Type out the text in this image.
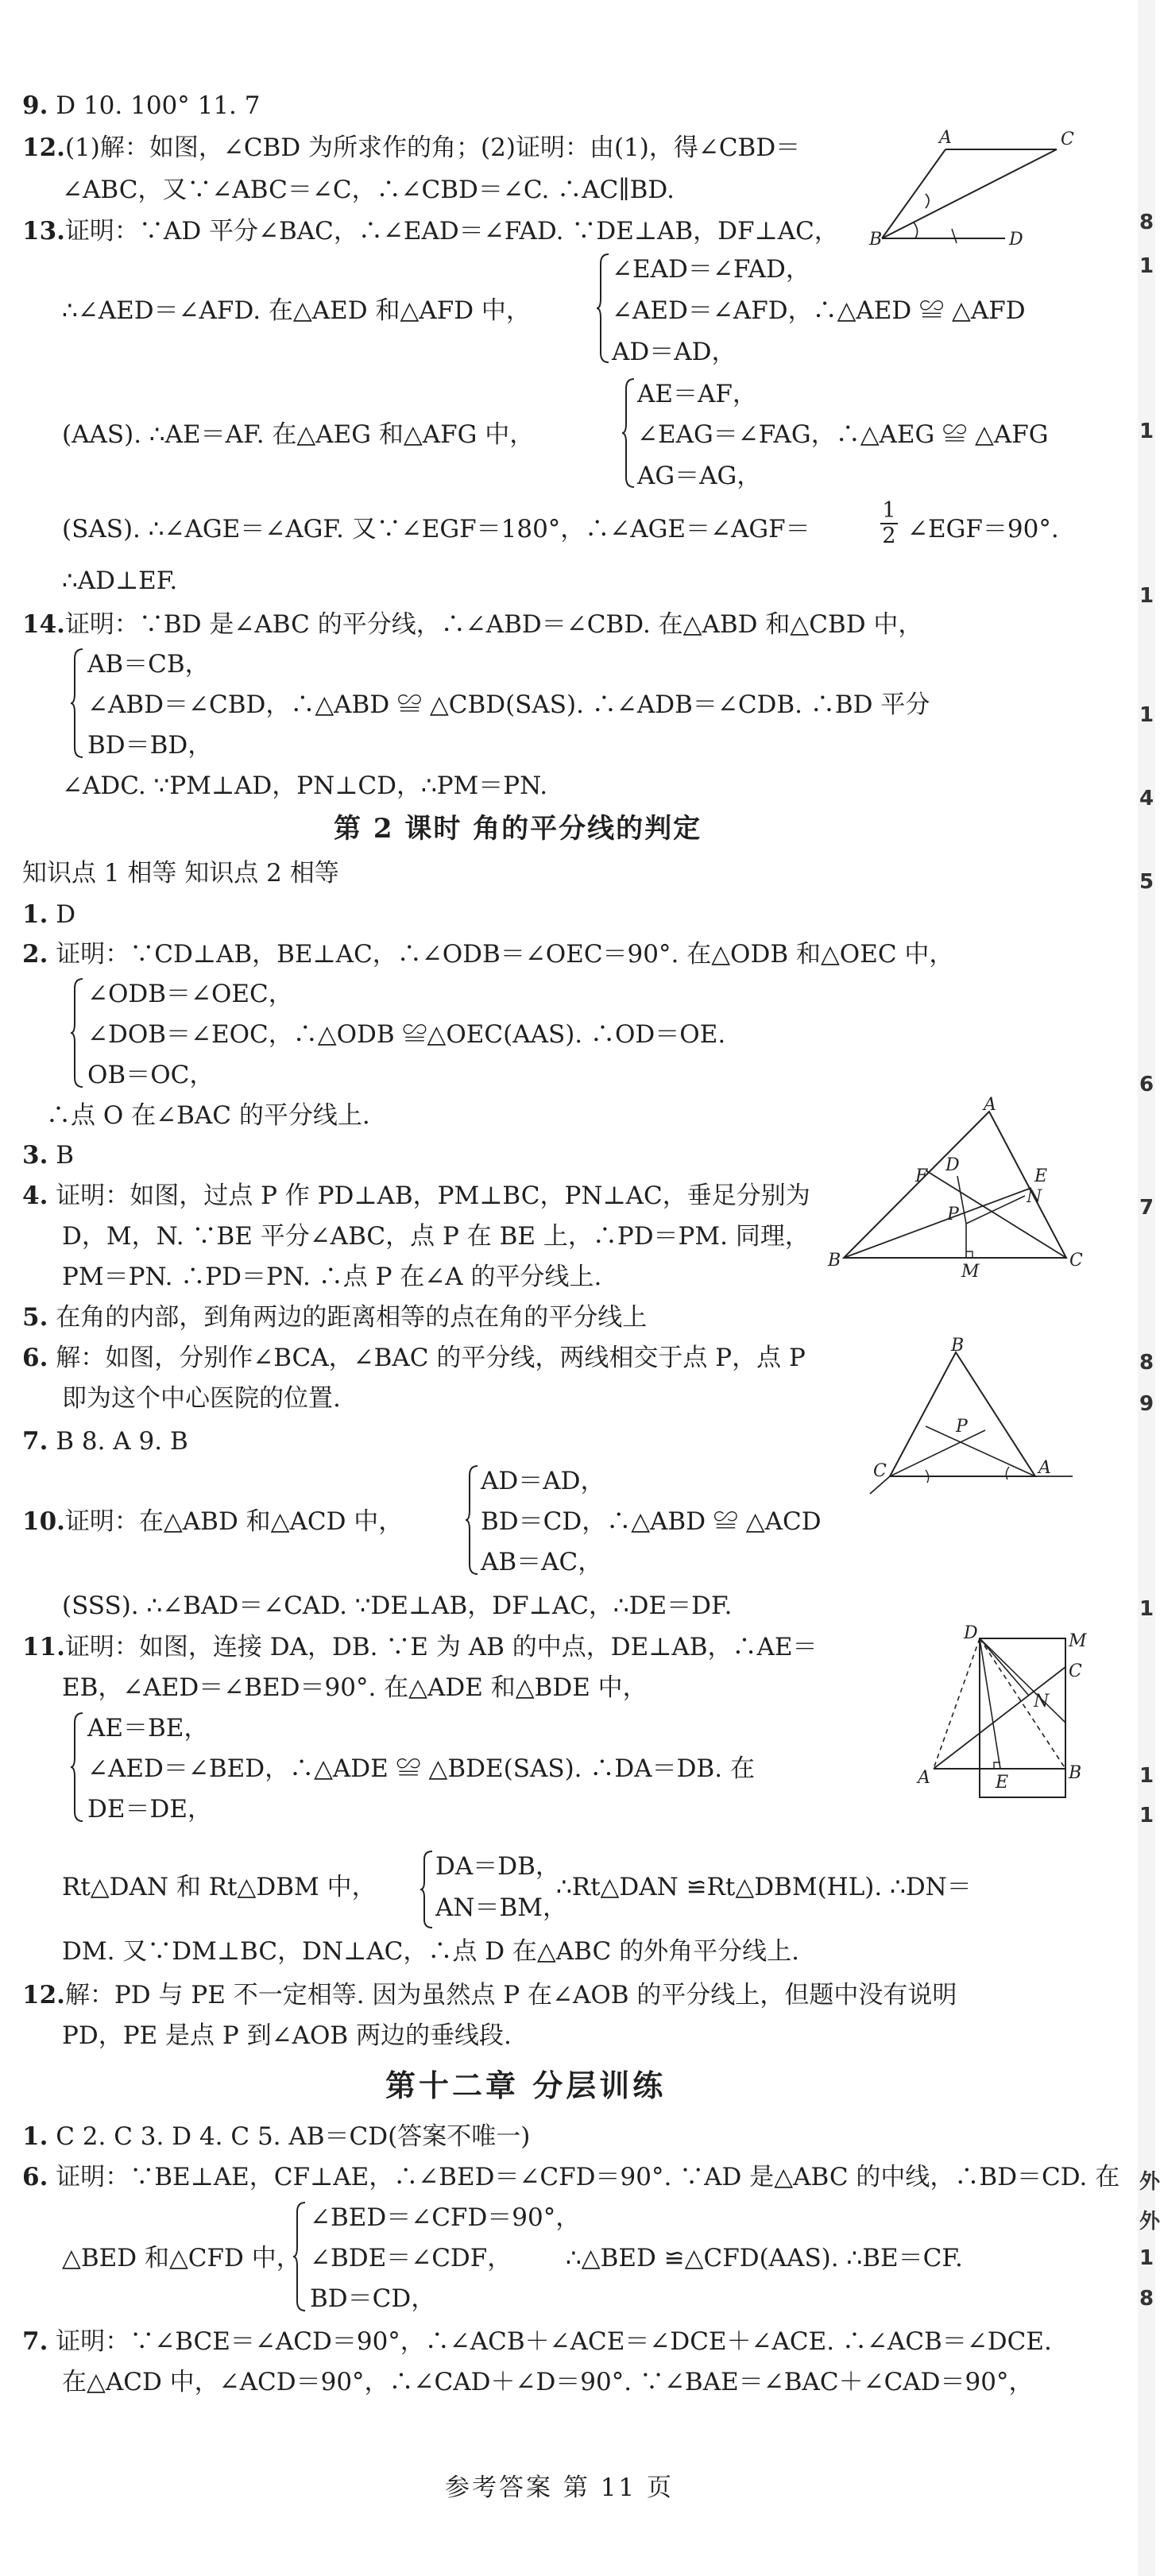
9. D 10. 100° 11. 7
12.(1)解：如图，∠CBD 为所求作的角；(2)证明：由(1)，得∠CBD＝
∠ABC，又∵∠ABC＝∠C，∴∠CBD＝∠C. ∴AC∥BD.
A	C
B	D
13.证明：∵AD 平分∠BAC，∴∠EAD＝∠FAD. ∵DE⊥AB，DF⊥AC，
∠EAD＝∠FAD，
∴∠AED＝∠AFD. 在△AED 和△AFD 中，	∠AED＝∠AFD，∴△AED ≌ △AFD
AD＝AD，
AE＝AF，
(AAS). ∴AE＝AF. 在△AEG 和△AFG 中，	∠EAG＝∠FAG，∴△AEG ≌ △AFG
AG＝AG，
(SAS). ∴∠AGE＝∠AGF. 又∵∠EGF＝180°，∴∠AGE＝∠AGF＝	$\frac{1}{2}$ ∠EGF＝90°.
∴AD⊥EF.
14.证明：∵BD 是∠ABC 的平分线，∴∠ABD＝∠CBD. 在△ABD 和△CBD 中，
AB＝CB，
∠ABD＝∠CBD，∴△ABD ≌ △CBD(SAS). ∴∠ADB＝∠CDB. ∴BD 平分
BD＝BD，
∠ADC. ∵PM⊥AD，PN⊥CD，∴PM＝PN.
第 2 课时 角的平分线的判定
知识点 1 相等 知识点 2 相等
1. D
2. 证明：∵CD⊥AB，BE⊥AC，∴∠ODB＝∠OEC＝90°. 在△ODB 和△OEC 中，
∠ODB＝∠OEC，
∠DOB＝∠EOC，∴△ODB ≌△OEC(AAS). ∴OD＝OE.
OB＝OC，
∴点 O 在∠BAC 的平分线上.
3. B
4. 证明：如图，过点 P 作 PD⊥AB，PM⊥BC，PN⊥AC，垂足分别为
D，M，N. ∵BE 平分∠ABC，点 P 在 BE 上，∴PD＝PM. 同理，
PM＝PN. ∴PD＝PN. ∴点 P 在∠A 的平分线上.
A
D
F	E
N
P
B
M
C
5. 在角的内部，到角两边的距离相等的点在角的平分线上
6. 解：如图，分别作∠BCA，∠BAC 的平分线，两线相交于点 P，点 P
即为这个中心医院的位置.
B
P
C	A
7. B 8. A 9. B
AD＝AD，
10.证明：在△ABD 和△ACD 中，	BD＝CD，∴△ABD ≌ △ACD
AB＝AC，
(SSS). ∴∠BAD＝∠CAD. ∵DE⊥AB，DF⊥AC，∴DE＝DF.
11.证明：如图，连接 DA，DB. ∵E 为 AB 的中点，DE⊥AB，∴AE＝
EB，∠AED＝∠BED＝90°. 在△ADE 和△BDE 中，
AE＝BE，
∠AED＝∠BED，∴△ADE ≌ △BDE(SAS). ∴DA＝DB. 在
DE＝DE，
D	M
C
N
A	E	B
DA＝DB，
Rt△DAN 和 Rt△DBM 中，	∴Rt△DAN ≌Rt△DBM(HL). ∴DN＝
AN＝BM，
DM. 又∵DM⊥BC，DN⊥AC，∴点 D 在△ABC 的外角平分线上.
12.解：PD 与 PE 不一定相等. 因为虽然点 P 在∠AOB 的平分线上，但题中没有说明
PD，PE 是点 P 到∠AOB 两边的垂线段.
第十二章 分层训练
1. C 2. C 3. D 4. C 5. AB＝CD(答案不唯一)
6. 证明：∵BE⊥AE，CF⊥AE，∴∠BED＝∠CFD＝90°. ∵AD 是△ABC 的中线，∴BD＝CD. 在
∠BED＝∠CFD＝90°，
△BED 和△CFD 中， ∠BDE＝∠CDF， ∴△BED ≌△CFD(AAS). ∴BE＝CF.
BD＝CD，
7. 证明：∵∠BCE＝∠ACD＝90°，∴∠ACB＋∠ACE＝∠DCE＋∠ACE. ∴∠ACB＝∠DCE.
在△ACD 中，∠ACD＝90°，∴∠CAD＋∠D＝90°. ∵∠BAE＝∠BAC＋∠CAD＝90°，
参考答案 第 11 页
8
1
1
1
1
4
5
6
7
8
9
1
1
1
外
外
1
8
